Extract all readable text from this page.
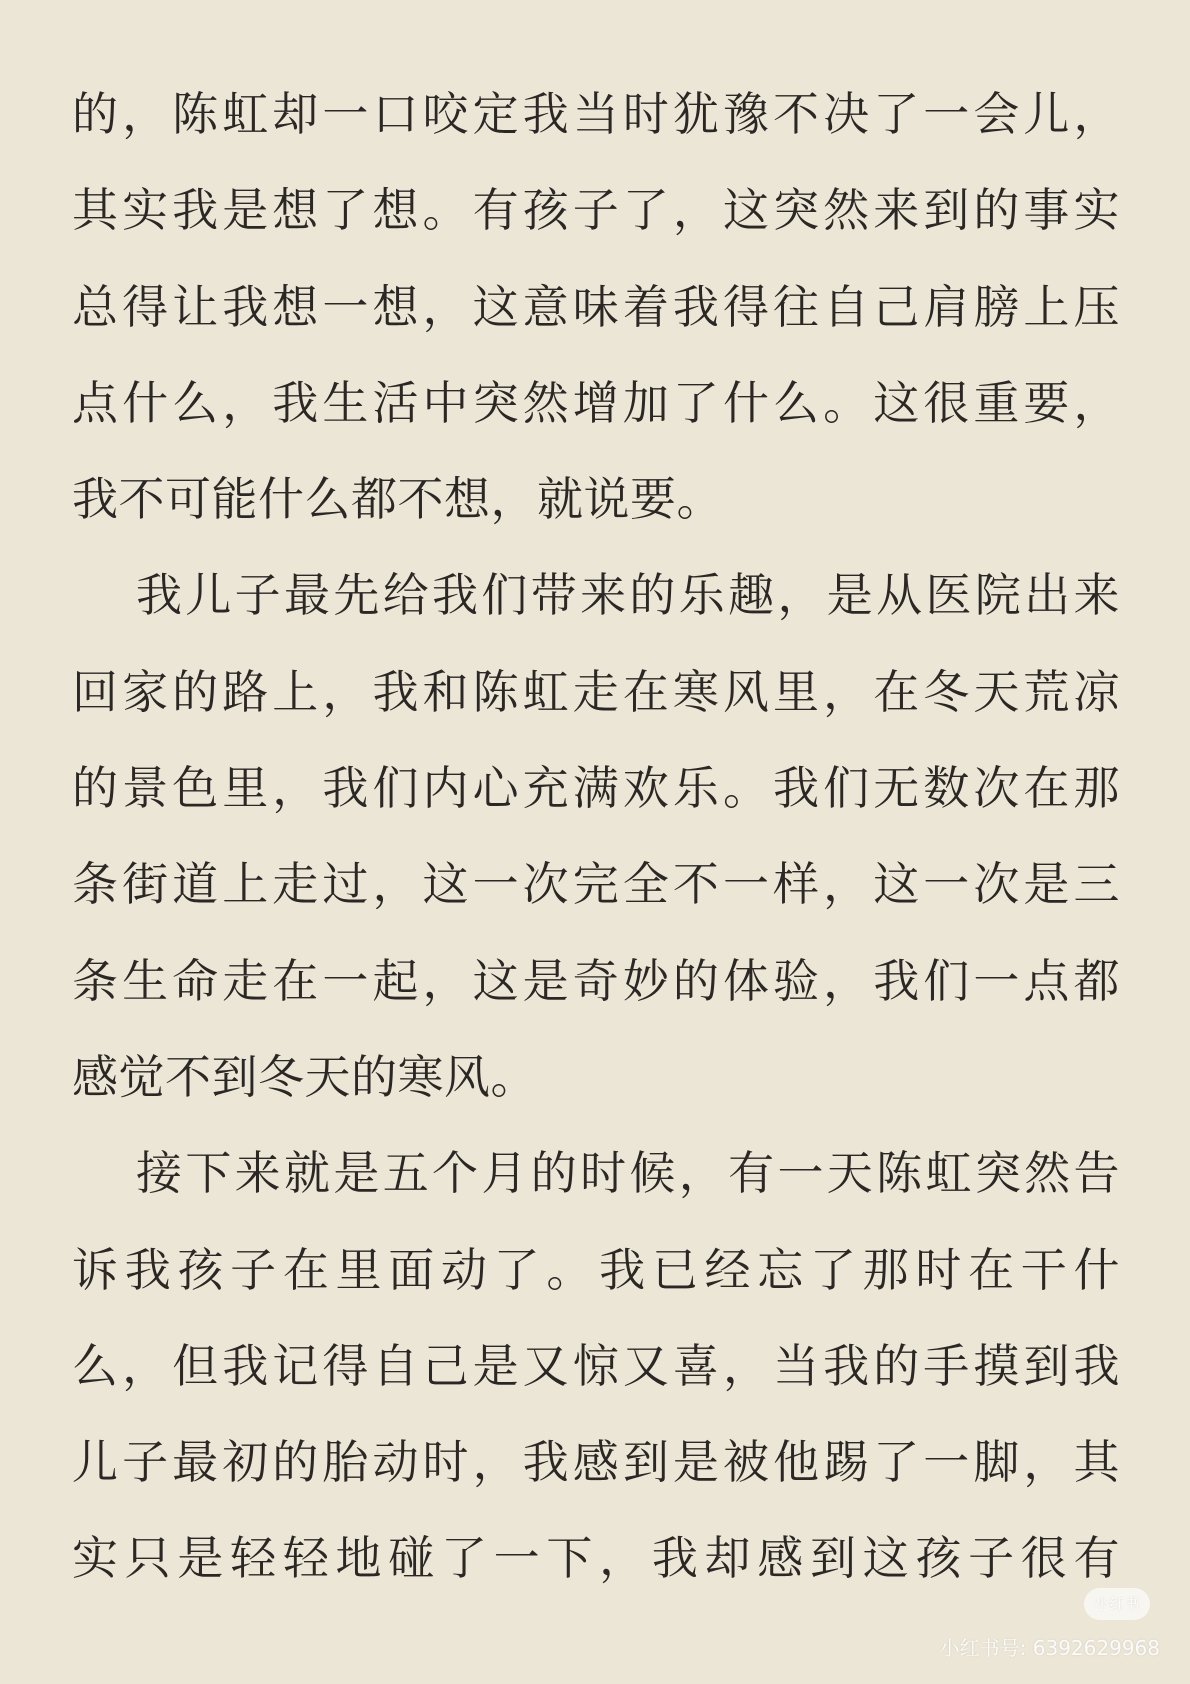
的，陈虹却一口咬定我当时犹豫不决了一会儿，
其实我是想了想。有孩子了，这突然来到的事实
总得让我想一想，这意味着我得往自己肩膀上压
点什么，我生活中突然增加了什么。这很重要，
我不可能什么都不想，就说要。
我儿子最先给我们带来的乐趣，是从医院出来
回家的路上，我和陈虹走在寒风里，在冬天荒凉
的景色里，我们内心充满欢乐。我们无数次在那
条街道上走过，这一次完全不一样，这一次是三
条生命走在一起，这是奇妙的体验，我们一点都
感觉不到冬天的寒风。
接下来就是五个月的时候，有一天陈虹突然告
诉我孩子在里面动了。我已经忘了那时在干什
么，但我记得自己是又惊又喜，当我的手摸到我
儿子最初的胎动时，我感到是被他踢了一脚，其
实只是轻轻地碰了一下，我却感到这孩子很有
小红书
小红书号: 6392629968
